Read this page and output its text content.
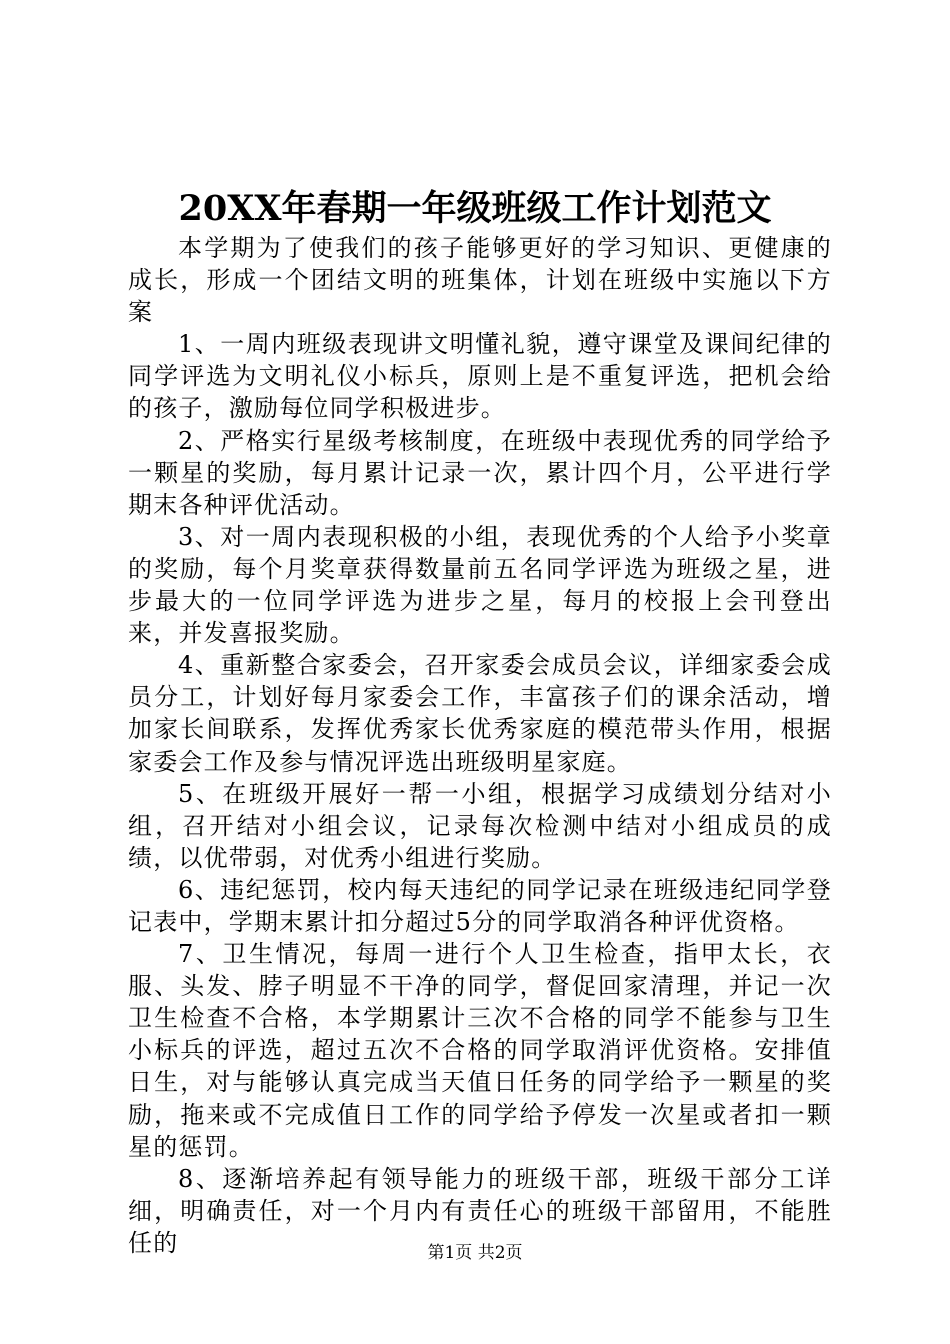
20XX年春期一年级班级工作计划范文

本学期为了使我们的孩子能够更好的学习知识、更健康的成长，形成一个团结文明的班集体，计划在班级中实施以下方案

1、一周内班级表现讲文明懂礼貌，遵守课堂及课间纪律的同学评选为文明礼仪小标兵，原则上是不重复评选，把机会给的孩子，激励每位同学积极进步。

2、严格实行星级考核制度，在班级中表现优秀的同学给予一颗星的奖励，每月累计记录一次，累计四个月，公平进行学期末各种评优活动。

3、对一周内表现积极的小组，表现优秀的个人给予小奖章的奖励，每个月奖章获得数量前五名同学评选为班级之星，进步最大的一位同学评选为进步之星，每月的校报上会刊登出来，并发喜报奖励。

4、重新整合家委会，召开家委会成员会议，详细家委会成员分工，计划好每月家委会工作，丰富孩子们的课余活动，增加家长间联系，发挥优秀家长优秀家庭的模范带头作用，根据家委会工作及参与情况评选出班级明星家庭。

5、在班级开展好一帮一小组，根据学习成绩划分结对小组，召开结对小组会议，记录每次检测中结对小组成员的成绩，以优带弱，对优秀小组进行奖励。

6、违纪惩罚，校内每天违纪的同学记录在班级违纪同学登记表中，学期末累计扣分超过5分的同学取消各种评优资格。

7、卫生情况，每周一进行个人卫生检查，指甲太长，衣服、头发、脖子明显不干净的同学，督促回家清理，并记一次卫生检查不合格，本学期累计三次不合格的同学不能参与卫生小标兵的评选，超过五次不合格的同学取消评优资格。安排值日生，对与能够认真完成当天值日任务的同学给予一颗星的奖励，拖来或不完成值日工作的同学给予停发一次星或者扣一颗星的惩罚。

8、逐渐培养起有领导能力的班级干部，班级干部分工详细，明确责任，对一个月内有责任心的班级干部留用，不能胜任的	第1页 共2页
